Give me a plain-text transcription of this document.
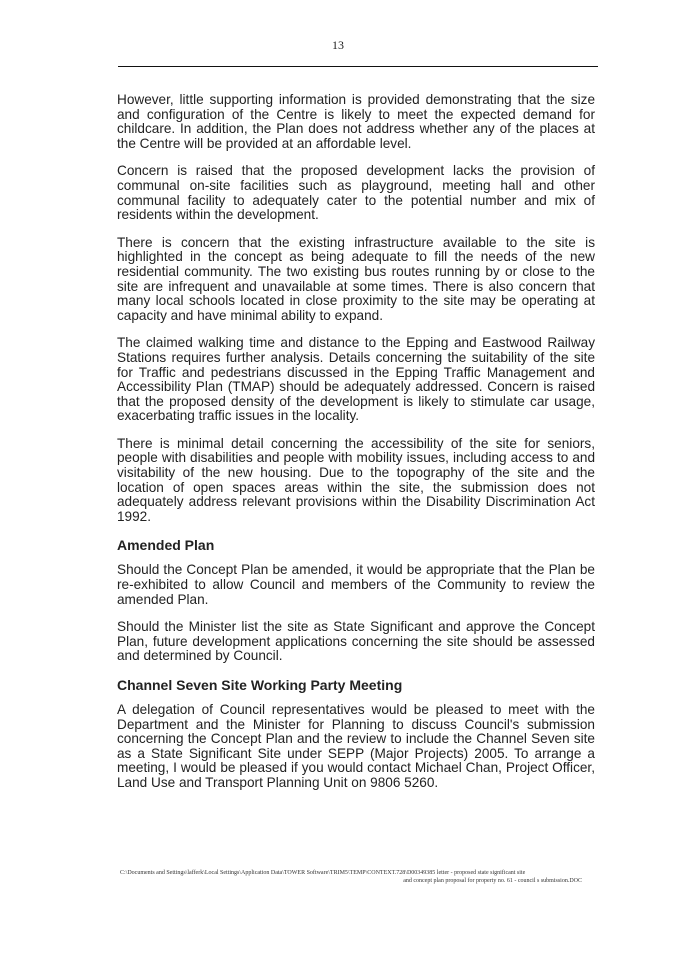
13

However, little supporting information is provided demonstrating that the size and configuration of the Centre is likely to meet the expected demand for childcare. In addition, the Plan does not address whether any of the places at the Centre will be provided at an affordable level.

Concern is raised that the proposed development lacks the provision of communal on-site facilities such as playground, meeting hall and other communal facility to adequately cater to the potential number and mix of residents within the development.

There is concern that the existing infrastructure available to the site is highlighted in the concept as being adequate to fill the needs of the new residential community. The two existing bus routes running by or close to the site are infrequent and unavailable at some times. There is also concern that many local schools located in close proximity to the site may be operating at capacity and have minimal ability to expand.

The claimed walking time and distance to the Epping and Eastwood Railway Stations requires further analysis. Details concerning the suitability of the site for Traffic and pedestrians discussed in the Epping Traffic Management and Accessibility Plan (TMAP) should be adequately addressed. Concern is raised that the proposed density of the development is likely to stimulate car usage, exacerbating traffic issues in the locality.

There is minimal detail concerning the accessibility of the site for seniors, people with disabilities and people with mobility issues, including access to and visitability of the new housing. Due to the topography of the site and the location of open spaces areas within the site, the submission does not adequately address relevant provisions within the Disability Discrimination Act 1992.

Amended Plan

Should the Concept Plan be amended, it would be appropriate that the Plan be re-exhibited to allow Council and members of the Community to review the amended Plan.

Should the Minister list the site as State Significant and approve the Concept Plan, future development applications concerning the site should be assessed and determined by Council.

Channel Seven Site Working Party Meeting

A delegation of Council representatives would be pleased to meet with the Department and the Minister for Planning to discuss Council's submission concerning the Concept Plan and the review to include the Channel Seven site as a State Significant Site under SEPP (Major Projects) 2005. To arrange a meeting, I would be pleased if you would contact Michael Chan, Project Officer, Land Use and Transport Planning Unit on 9806 5260.

C:\Documents and Settings\lafferk\Local Settings\Application Data\TOWER Software\TRIM5\TEMP\CONTEXT.728\D00349385 letter - proposed state significant site
and concept plan proposal for property no. 61 - council s submission.DOC
